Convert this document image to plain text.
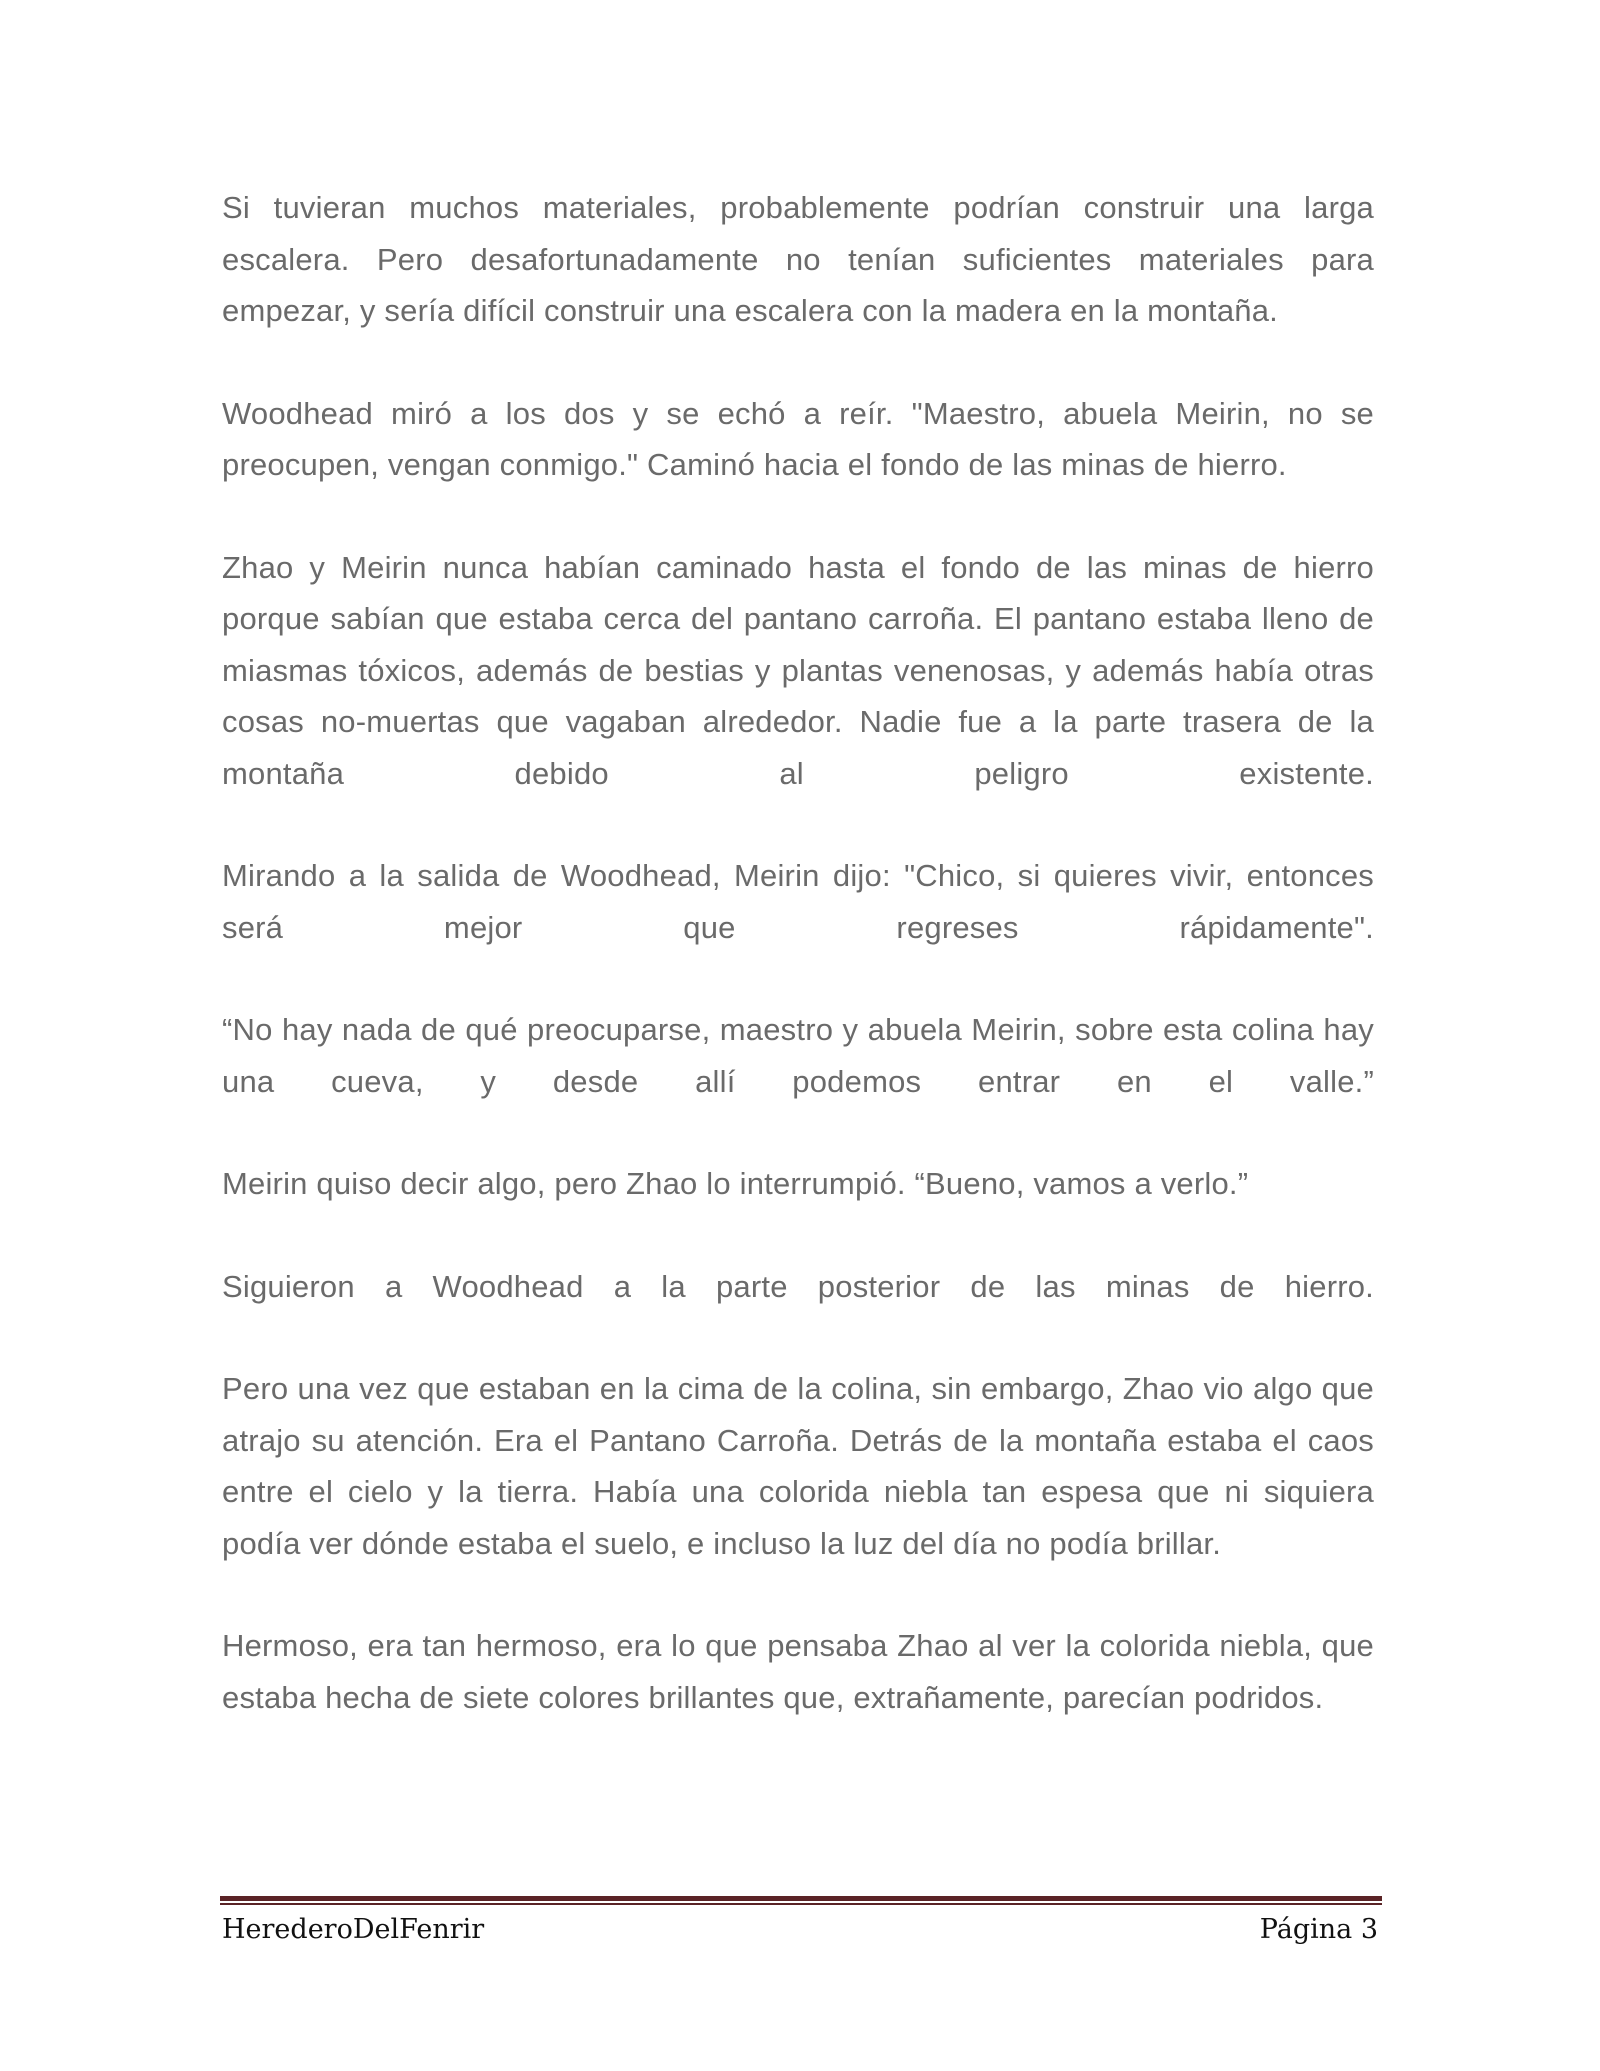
Si tuvieran muchos materiales, probablemente podrían construir una larga escalera. Pero desafortunadamente no tenían suficientes materiales para empezar, y sería difícil construir una escalera con la madera en la montaña.

Woodhead miró a los dos y se echó a reír. "Maestro, abuela Meirin, no se preocupen, vengan conmigo." Caminó hacia el fondo de las minas de hierro.

Zhao y Meirin nunca habían caminado hasta el fondo de las minas de hierro porque sabían que estaba cerca del pantano carroña. El pantano estaba lleno de miasmas tóxicos, además de bestias y plantas venenosas, y además había otras cosas no-muertas que vagaban alrededor. Nadie fue a la parte trasera de la montaña debido al peligro existente.

Mirando a la salida de Woodhead, Meirin dijo: "Chico, si quieres vivir, entonces será mejor que regreses rápidamente".

“No hay nada de qué preocuparse, maestro y abuela Meirin, sobre esta colina hay una cueva, y desde allí podemos entrar en el valle.”

Meirin quiso decir algo, pero Zhao lo interrumpió. “Bueno, vamos a verlo.”

Siguieron a Woodhead a la parte posterior de las minas de hierro.

Pero una vez que estaban en la cima de la colina, sin embargo, Zhao vio algo que atrajo su atención. Era el Pantano Carroña. Detrás de la montaña estaba el caos entre el cielo y la tierra. Había una colorida niebla tan espesa que ni siquiera podía ver dónde estaba el suelo, e incluso la luz del día no podía brillar.

Hermoso, era tan hermoso, era lo que pensaba Zhao al ver la colorida niebla, que estaba hecha de siete colores brillantes que, extrañamente, parecían podridos.

HerederoDelFenrir	Página 3
